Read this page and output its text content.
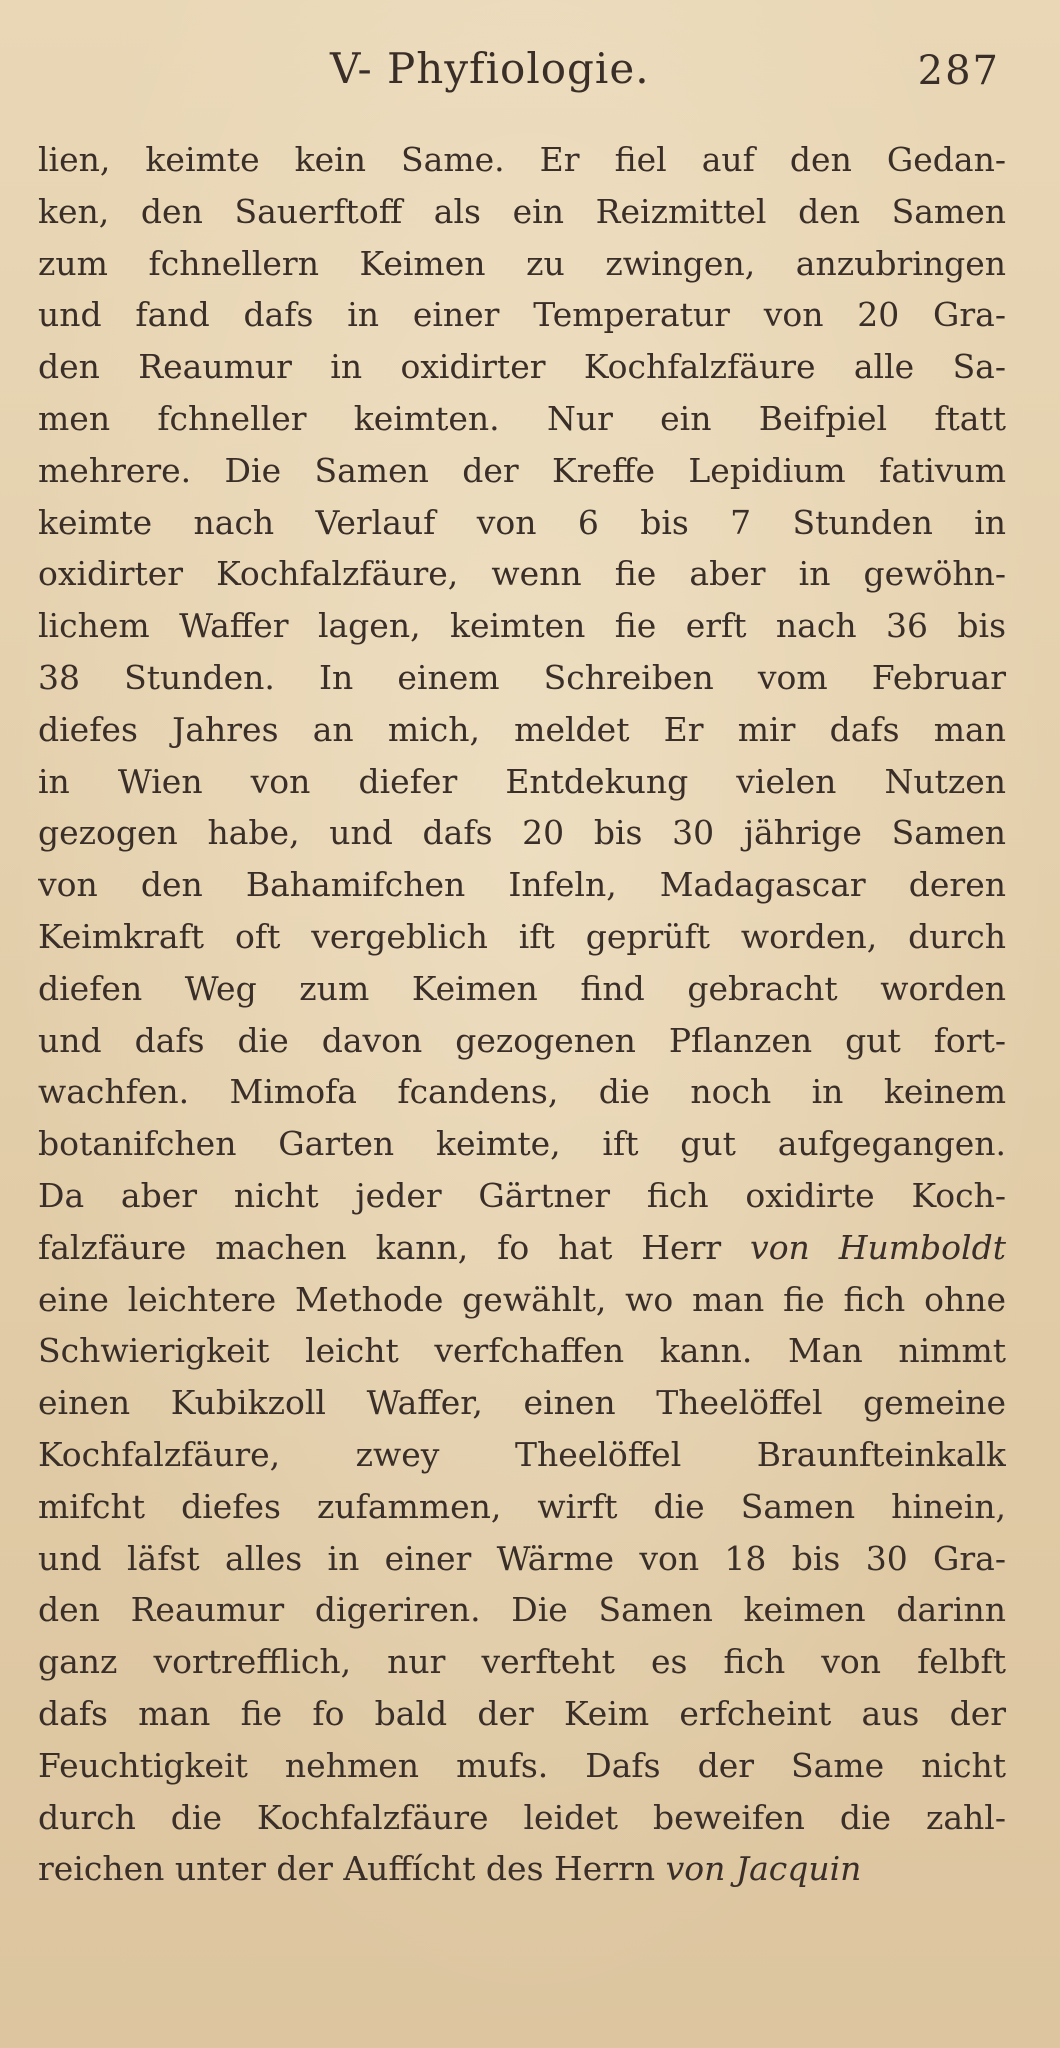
V- Phyfiologie.	287
lien, keimte kein Same. Er fiel auf den Gedan-
ken, den Sauerftoff als ein Reizmittel den Samen
zum fchnellern Keimen zu zwingen, anzubringen
und fand dafs in einer Temperatur von 20 Gra-
den Reaumur in oxidirter Kochfalzfäure alle Sa-
men fchneller keimten. Nur ein Beifpiel ftatt
mehrere. Die Samen der Kreffe Lepidium fativum
keimte nach Verlauf von 6 bis 7 Stunden in
oxidirter Kochfalzfäure, wenn fie aber in gewöhn-
lichem Waffer lagen, keimten fie erft nach 36 bis
38 Stunden. In einem Schreiben vom Februar
diefes Jahres an mich, meldet Er mir dafs man
in Wien von diefer Entdekung vielen Nutzen
gezogen habe, und dafs 20 bis 30 jährige Samen
von den Bahamifchen Infeln, Madagascar deren
Keimkraft oft vergeblich ift geprüft worden, durch
diefen Weg zum Keimen find gebracht worden
und dafs die davon gezogenen Pflanzen gut fort-
wachfen. Mimofa fcandens, die noch in keinem
botanifchen Garten keimte, ift gut aufgegangen.
Da aber nicht jeder Gärtner fich oxidirte Koch-
falzfäure machen kann, fo hat Herr von Humboldt
eine leichtere Methode gewählt, wo man fie fich ohne
Schwierigkeit leicht verfchaffen kann. Man nimmt
einen Kubikzoll Waffer, einen Theelöffel gemeine
Kochfalzfäure, zwey Theelöffel Braunfteinkalk
mifcht diefes zufammen, wirft die Samen hinein,
und läfst alles in einer Wärme von 18 bis 30 Gra-
den Reaumur digeriren. Die Samen keimen darinn
ganz vortrefflich, nur verfteht es fich von felbft
dafs man fie fo bald der Keim erfcheint aus der
Feuchtigkeit nehmen mufs. Dafs der Same nicht
durch die Kochfalzfäure leidet beweifen die zahl-
reichen unter der Auffícht des Herrn von Jacquin
